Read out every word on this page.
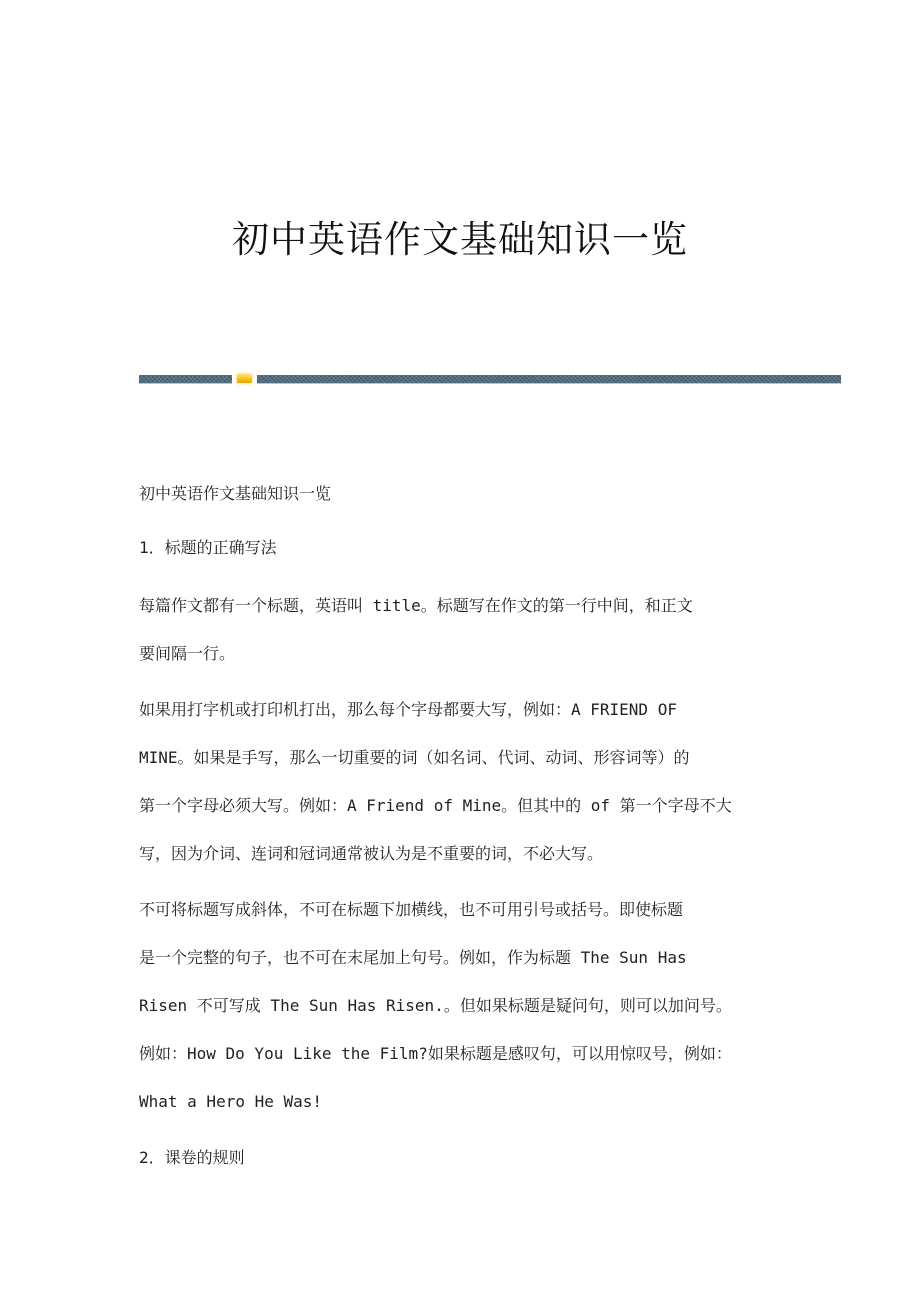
初中英语作文基础知识一览

初中英语作文基础知识一览

1．标题的正确写法

每篇作文都有一个标题，英语叫 title。标题写在作文的第一行中间，和正文
要间隔一行。

如果用打字机或打印机打出，那么每个字母都要大写，例如：A FRIEND OF
MINE。如果是手写，那么一切重要的词（如名词、代词、动词、形容词等）的
第一个字母必须大写。例如：A Friend of Mine。但其中的 of 第一个字母不大
写，因为介词、连词和冠词通常被认为是不重要的词，不必大写。

不可将标题写成斜体，不可在标题下加横线，也不可用引号或括号。即使标题
是一个完整的句子，也不可在末尾加上句号。例如，作为标题 The Sun Has
Risen 不可写成 The Sun Has Risen.。但如果标题是疑问句，则可以加问号。
例如：How Do You Like the Film?如果标题是感叹句，可以用惊叹号，例如：
What a Hero He Was!

2．课卷的规则
